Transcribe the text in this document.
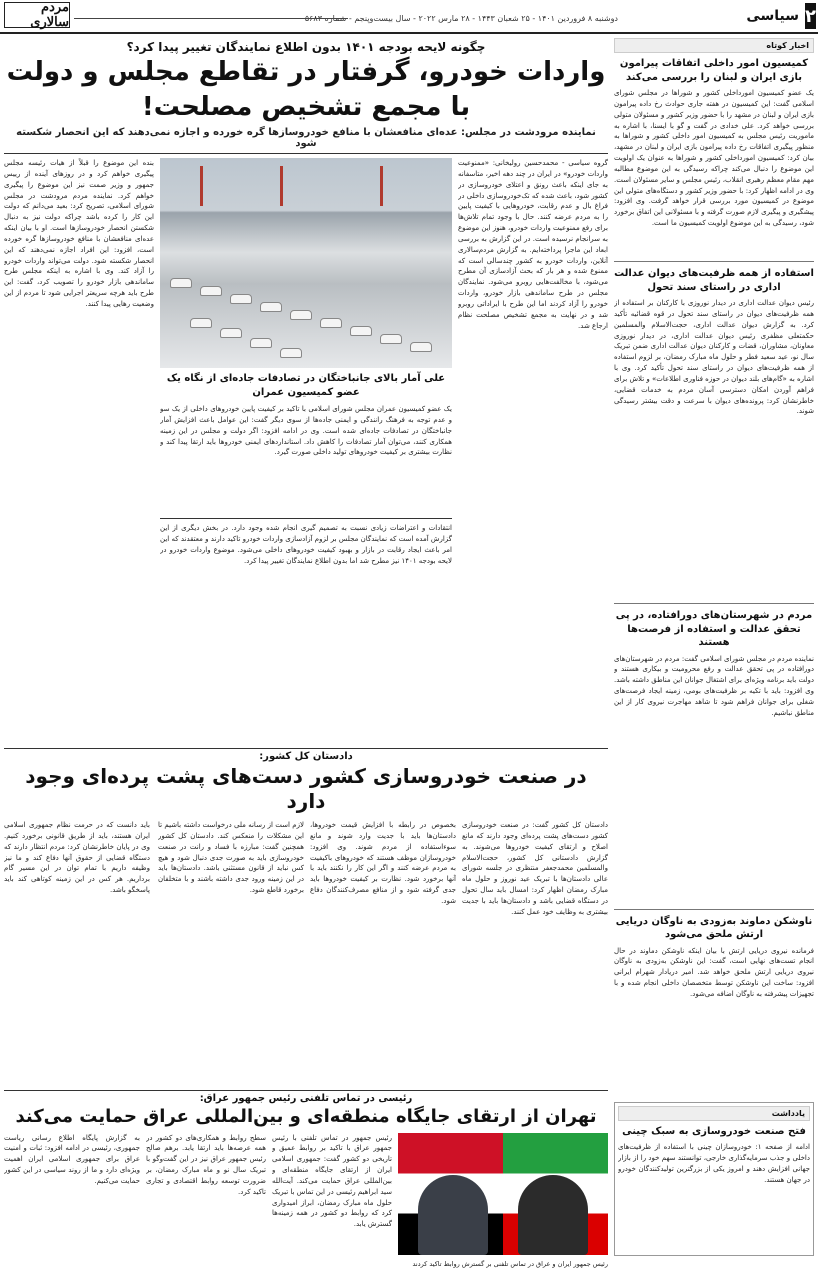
۲
سیاسی
دوشنبه ۸ فروردین ۱۴۰۱ - ۲۵ شعبان ۱۴۴۳ - ۲۸ مارس ۲۰۲۲ - سال بیست‌وپنجم - شماره ۵۶۸۳
مردم سالاری
اخبار کوتاه
کمیسیون امور داخلی اتفاقات پیرامون بازی ایران و لبنان را بررسی می‌کند
یک عضو کمیسیون امورداخلی کشور و شوراها در مجلس شورای اسلامی گفت: این کمیسیون در هفته جاری حوادث رخ داده پیرامون بازی ایران و لبنان در مشهد را با حضور وزیر کشور و مسئولان متولی بررسی خواهد کرد. علی خدادی در گفت و گو با ایسنا، با اشاره به ماموریت رئیس مجلس به کمیسیون امور داخلی کشور و شوراها به منظور پیگیری اتفاقات رخ داده پیرامون بازی ایران و لبنان در مشهد، بیان کرد: کمیسیون امورداخلی کشور و شوراها به عنوان یک اولویت این موضوع را دنبال می‌کند چراکه رسیدگی به این موضوع مطالبه مهم مقام معظم رهبری انقلاب، رئیس مجلس و سایر مسئولان است. وی در ادامه اظهار کرد: با حضور وزیر کشور و دستگاه‌های متولی این موضوع در کمیسیون مورد بررسی قرار خواهد گرفت. وی افزود: پیشگیری و پیگیری لازم صورت گرفته و با مسئولانی این اتفاق برخورد شود، رسیدگی به این موضوع اولویت کمیسیون ما است.
استفاده از همه ظرفیت‌های دیوان عدالت اداری در راستای سند تحول
رئیس دیوان عدالت اداری در دیدار نوروزی با کارکنان بر استفاده از همه ظرفیت‌های دیوان در راستای سند تحول در قوه قضائیه تأکید کرد. به گزارش دیوان عدالت اداری، حجت‌الاسلام والمسلمین حکمتعلی مظفری رئیس دیوان عدالت اداری، در دیدار نوروزی معاونان، مشاوران، قضات و کارکنان دیوان عدالت اداری ضمن تبریک سال نو، عید سعید فطر و حلول ماه مبارک رمضان، بر لزوم استفاده از همه ظرفیت‌های دیوان در راستای سند تحول تأکید کرد. وی با اشاره به «گام‌های بلند دیوان در حوزه فناوری اطلاعات» و تلاش برای فراهم آوردن امکان دسترسی آسان مردم به خدمات قضایی، خاطرنشان کرد: پرونده‌های دیوان با سرعت و دقت بیشتر رسیدگی شوند.
مردم در شهرستان‌های دورافتاده، در پی تحقق عدالت و استفاده از فرصت‌ها هستند
نماینده مردم در مجلس شورای اسلامی گفت: مردم در شهرستان‌های دورافتاده در پی تحقق عدالت و رفع محرومیت و بیکاری هستند و دولت باید برنامه ویژه‌ای برای اشتغال جوانان این مناطق داشته باشد. وی افزود: باید با تکیه بر ظرفیت‌های بومی، زمینه ایجاد فرصت‌های شغلی برای جوانان فراهم شود تا شاهد مهاجرت نیروی کار از این مناطق نباشیم.
ناوشکن دماوند به‌زودی به ناوگان دریایی ارتش ملحق می‌شود
فرمانده نیروی دریایی ارتش با بیان اینکه ناوشکن دماوند در حال انجام تست‌های نهایی است، گفت: این ناوشکن به‌زودی به ناوگان نیروی دریایی ارتش ملحق خواهد شد. امیر دریادار شهرام ایرانی افزود: ساخت این ناوشکن توسط متخصصان داخلی انجام شده و با تجهیزات پیشرفته به ناوگان اضافه می‌شود.
یادداشت
فتح صنعت خودروسازی به سبک چینی
ادامه از صفحه ۱: خودروسازان چینی با استفاده از ظرفیت‌های داخلی و جذب سرمایه‌گذاری خارجی، توانستند سهم خود را از بازار جهانی افزایش دهند و امروز یکی از بزرگترین تولیدکنندگان خودرو در جهان هستند.
چگونه لایحه بودجه ۱۴۰۱ بدون اطلاع نمایندگان تغییر پیدا کرد؟
واردات خودرو، گرفتار در تقاطع مجلس و دولت
با مجمع تشخیص مصلحت!
نماینده مرودشت در مجلس: عده‌ای منافعشان با منافع خودروسازها گره خورده و اجازه نمی‌دهند که این انحصار شکسته شود
گروه سیاسی - محمدحسین رولیخانی: «ممنوعیت واردات خودرو» در ایران در چند دهه اخیر، متاسفانه به جای اینکه باعث رونق و اعتلای خودروسازی در کشور شود، باعث شده که تک‌خودروسازی داخلی در فراغ بال و عدم رقابت، خودرو‌هایی با کیفیت پایین را به مردم عرضه کنند. حال با وجود تمام تلاش‌ها برای رفع ممنوعیت واردات خودرو، هنوز این موضوع به سرانجام نرسیده است. در این گزارش به بررسی ابعاد این ماجرا پرداخته‌ایم. به گزارش مردم‌سالاری آنلاین، واردات خودرو به کشور چندسالی است که ممنوع شده و هر بار که بحث آزادسازی آن مطرح می‌شود، با مخالفت‌هایی روبرو می‌شود. نمایندگان مجلس در طرح ساماندهی بازار خودرو، واردات خودرو را آزاد کردند اما این طرح با ایراداتی روبرو شد و در نهایت به مجمع تشخیص مصلحت نظام ارجاع شد.
علی آمار بالای جانباختگان در تصادفات جاده‌ای از نگاه یک عضو کمیسیون عمران
یک عضو کمیسیون عمران مجلس شورای اسلامی با تاکید بر کیفیت پایین خودروهای داخلی از یک سو و عدم توجه به فرهنگ رانندگی و ایمنی جاده‌ها از سوی دیگر گفت: این عوامل باعث افزایش آمار جانباختگان در تصادفات جاده‌ای شده است. وی در ادامه افزود: اگر دولت و مجلس در این زمینه همکاری کنند، می‌توان آمار تصادفات را کاهش داد. استانداردهای ایمنی خودروها باید ارتقا پیدا کند و نظارت بیشتری بر کیفیت خودروهای تولید داخلی صورت گیرد.
انتقادات و اعتراضات زیادی نسبت به تصمیم گیری انجام شده وجود دارد. در بخش دیگری از این گزارش آمده است که نمایندگان مجلس بر لزوم آزادسازی واردات خودرو تاکید دارند و معتقدند که این امر باعث ایجاد رقابت در بازار و بهبود کیفیت خودروهای داخلی می‌شود. موضوع واردات خودرو در لایحه بودجه ۱۴۰۱ نیز مطرح شد اما بدون اطلاع نمایندگان تغییر پیدا کرد.
بنده این موضوع را قبلاً از هیات رئیسه مجلس پیگیری خواهم کرد و در روزهای آینده از رییس جمهور و وزیر صمت نیز این موضوع را پیگیری خواهم کرد. نماینده مردم مرودشت در مجلس شورای اسلامی، تصریح کرد: بعید می‌دانم که دولت این کار را کرده باشد چراکه دولت نیز به دنبال شکستن انحصار خودروسازها است. او با بیان اینکه عده‌ای منافعشان با منافع خودروسازها گره خورده است، افزود: این افراد اجازه نمی‌دهند که این انحصار شکسته شود. دولت می‌تواند واردات خودرو را آزاد کند. وی با اشاره به اینکه مجلس طرح ساماندهی بازار خودرو را تصویب کرد، گفت: این طرح باید هرچه سریعتر اجرایی شود تا مردم از این وضعیت رهایی پیدا کنند.
دادستان کل کشور:
در صنعت خودروسازی کشور دست‌های پشت پرده‌ای وجود دارد
دادستان کل کشور گفت: در صنعت خودروسازی کشور دست‌های پشت پرده‌ای وجود دارند که مانع اصلاح و ارتقای کیفیت خودروها می‌شوند. به گزارش دادستانی کل کشور، حجت‌الاسلام والمسلمین محمدجعفر منتظری در جلسه شورای عالی دادستان‌ها با تبریک عید نوروز و حلول ماه مبارک رمضان اظهار کرد: امسال باید سال تحول در دستگاه قضایی باشد و دادستان‌ها باید با جدیت بیشتری به وظایف خود عمل کنند.
بخصوص در رابطه با افزایش قیمت خودروها، دادستان‌ها باید با جدیت وارد شوند و مانع سوءاستفاده از مردم شوند. وی افزود: خودروسازان موظف هستند که خودروهای باکیفیت به مردم عرضه کنند و اگر این کار را نکنند باید با آنها برخورد شود. نظارت بر کیفیت خودروها باید جدی گرفته شود و از منافع مصرف‌کنندگان دفاع شود.
لازم است از رسانه ملی درخواست داشته باشیم تا این مشکلات را منعکس کند. دادستان کل کشور همچنین گفت: مبارزه با فساد و رانت در صنعت خودروسازی باید به صورت جدی دنبال شود و هیچ کس نباید از قانون مستثنی باشد. دادستان‌ها باید در این زمینه ورود جدی داشته باشند و با متخلفان برخورد قاطع شود.
باید دانست که در حرمت نظام جمهوری اسلامی ایران هستند، باید از طریق قانونی برخورد کنیم. وی در پایان خاطرنشان کرد: مردم انتظار دارند که دستگاه قضایی از حقوق آنها دفاع کند و ما نیز وظیفه داریم با تمام توان در این مسیر گام برداریم. هر کس در این زمینه کوتاهی کند باید پاسخگو باشد.
رئیسی در تماس تلفنی رئیس جمهور عراق:
تهران از ارتقای جایگاه منطقه‌ای و بین‌المللی عراق حمایت می‌کند
رئیس جمهور ایران و عراق در تماس تلفنی بر گسترش روابط تاکید کردند
رئیس جمهور در تماس تلفنی با رئیس جمهور عراق با تاکید بر روابط عمیق و تاریخی دو کشور گفت: جمهوری اسلامی ایران از ارتقای جایگاه منطقه‌ای و بین‌المللی عراق حمایت می‌کند. آیت‌الله سید ابراهیم رئیسی در این تماس با تبریک حلول ماه مبارک رمضان، ابراز امیدواری کرد که روابط دو کشور در همه زمینه‌ها گسترش یابد.
سطح روابط و همکاری‌های دو کشور در همه عرصه‌ها باید ارتقا یابد. برهم صالح رئیس جمهور عراق نیز در این گفت‌وگو با تبریک سال نو و ماه مبارک رمضان، بر ضرورت توسعه روابط اقتصادی و تجاری تاکید کرد.
به گزارش پایگاه اطلاع رسانی ریاست جمهوری، رئیسی در ادامه افزود: ثبات و امنیت عراق برای جمهوری اسلامی ایران اهمیت ویژه‌ای دارد و ما از روند سیاسی در این کشور حمایت می‌کنیم.
